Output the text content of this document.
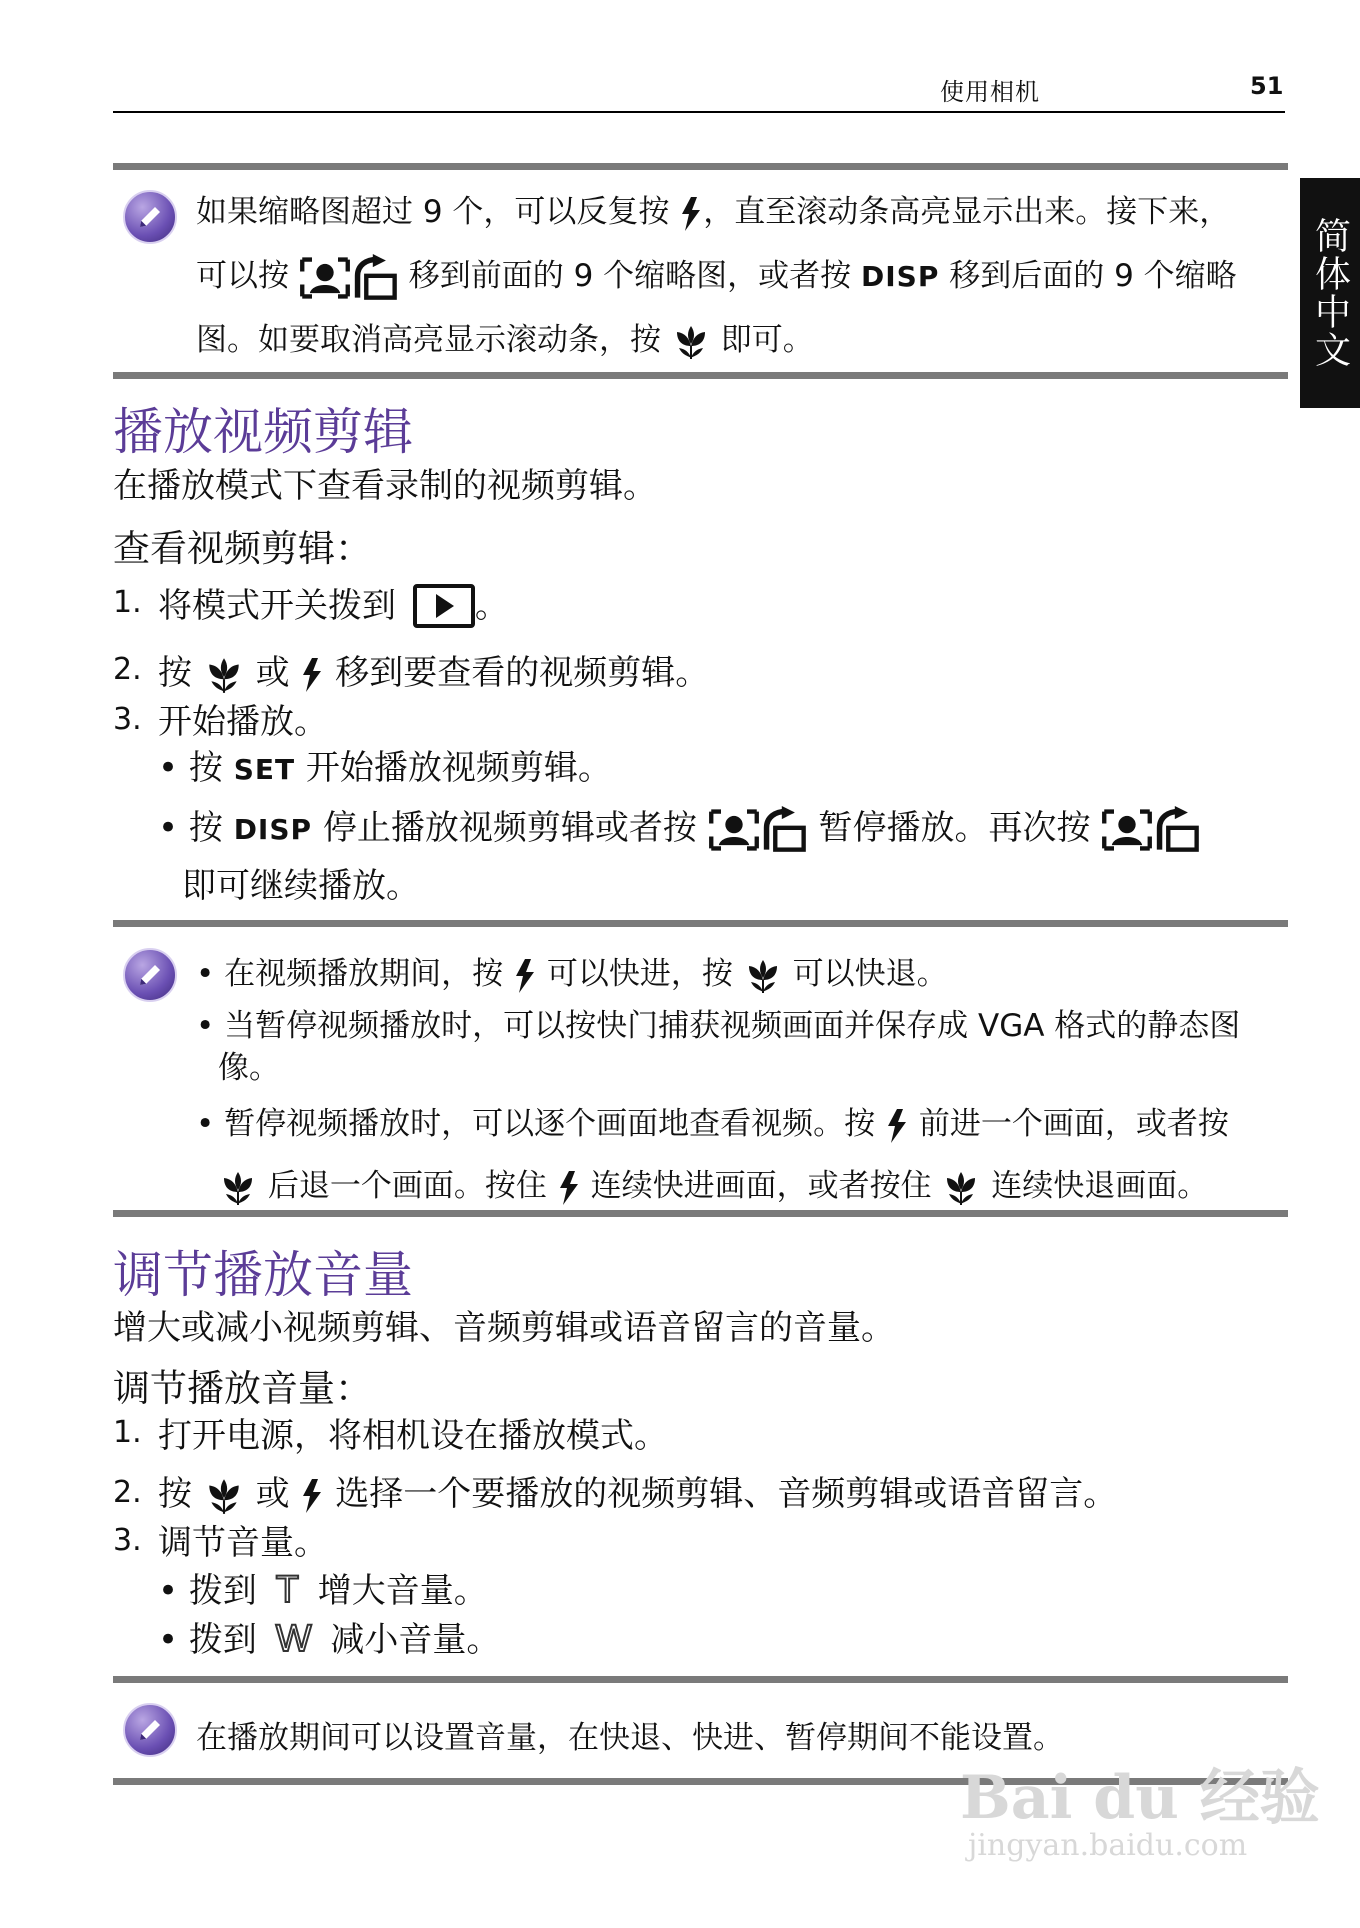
使用相机	51
简体中文
如果缩略图超过 9 个，可以反复按 ，直至滚动条高亮显示出来。接下来，
可以按	移到前面的 9 个缩略图，或者按 DISP 移到后面的 9 个缩略
图。如要取消高亮显示滚动条，按 即可。
播放视频剪辑
在播放模式下查看录制的视频剪辑。
查看视频剪辑：
1. 将模式开关拨到 。
2. 按 或 移到要查看的视频剪辑。
3. 开始播放。
• 按 SET 开始播放视频剪辑。
• 按 DISP 停止播放视频剪辑或者按	暂停播放。再次按
即可继续播放。
• 在视频播放期间，按 可以快进，按 可以快退。
• 当暂停视频播放时，可以按快门捕获视频画面并保存成 VGA 格式的静态图
像。
• 暂停视频播放时，可以逐个画面地查看视频。按 前进一个画面，或者按
后退一个画面。按住 连续快进画面，或者按住 连续快退画面。
调节播放音量
增大或减小视频剪辑、音频剪辑或语音留言的音量。
调节播放音量：
1. 打开电源，将相机设在播放模式。
2. 按 或 选择一个要播放的视频剪辑、音频剪辑或语音留言。
3. 调节音量。
• 拨到 T 增大音量。
• 拨到 W 减小音量。
在播放期间可以设置音量，在快退、快进、暂停期间不能设置。
Bai du 经验
jingyan.baidu.com
